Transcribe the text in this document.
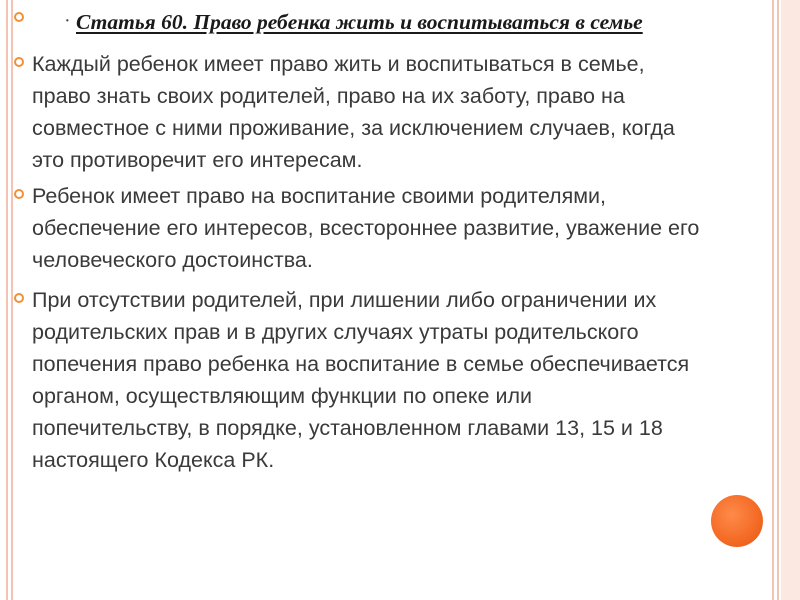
· Статья 60. Право ребенка жить и воспитываться в семье
Каждый ребенок имеет право жить и воспитываться в семье,
право знать своих родителей, право на их заботу, право на
совместное с ними проживание, за исключением случаев, когда
это противоречит его интересам.
Ребенок имеет право на воспитание своими родителями,
обеспечение его интересов, всестороннее развитие, уважение его
человеческого достоинства.
При отсутствии родителей, при лишении либо ограничении их
родительских прав и в других случаях утраты родительского
попечения право ребенка на воспитание в семье обеспечивается
органом, осуществляющим функции по опеке или
попечительству, в порядке, установленном главами 13, 15 и 18
настоящего Кодекса РК.
